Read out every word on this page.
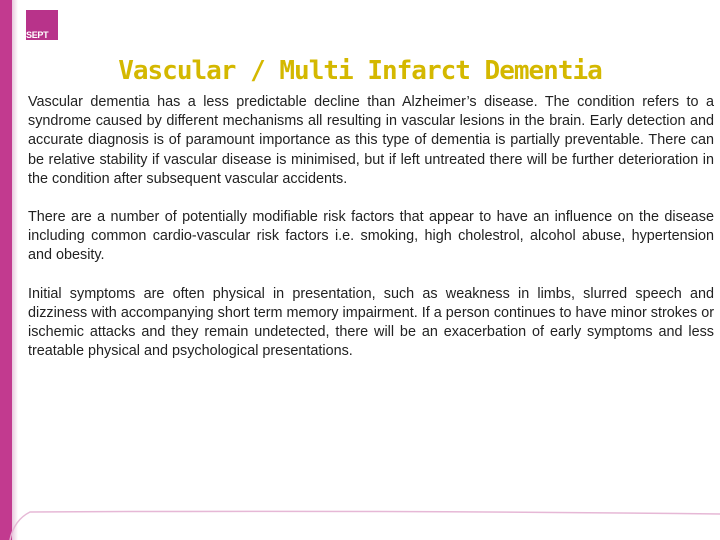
SEPT
Vascular / Multi Infarct Dementia

Vascular dementia has a less predictable decline than Alzheimer’s disease. The condition refers to a syndrome caused by different mechanisms all resulting in vascular lesions in the brain. Early detection and accurate diagnosis is of paramount importance as this type of dementia is partially preventable. There can be relative stability if vascular disease is minimised, but if left untreated there will be further deterioration in the condition after subsequent vascular accidents.

There are a number of potentially modifiable risk factors that appear to have an influence on the disease including common cardio-vascular risk factors i.e. smoking, high cholestrol, alcohol abuse, hypertension and obesity.

Initial symptoms are often physical in presentation, such as weakness in limbs, slurred speech and dizziness with accompanying short term memory impairment. If a person continues to have minor strokes or ischemic attacks and they remain undetected, there will be an exacerbation of early symptoms and less treatable physical and psychological presentations.
